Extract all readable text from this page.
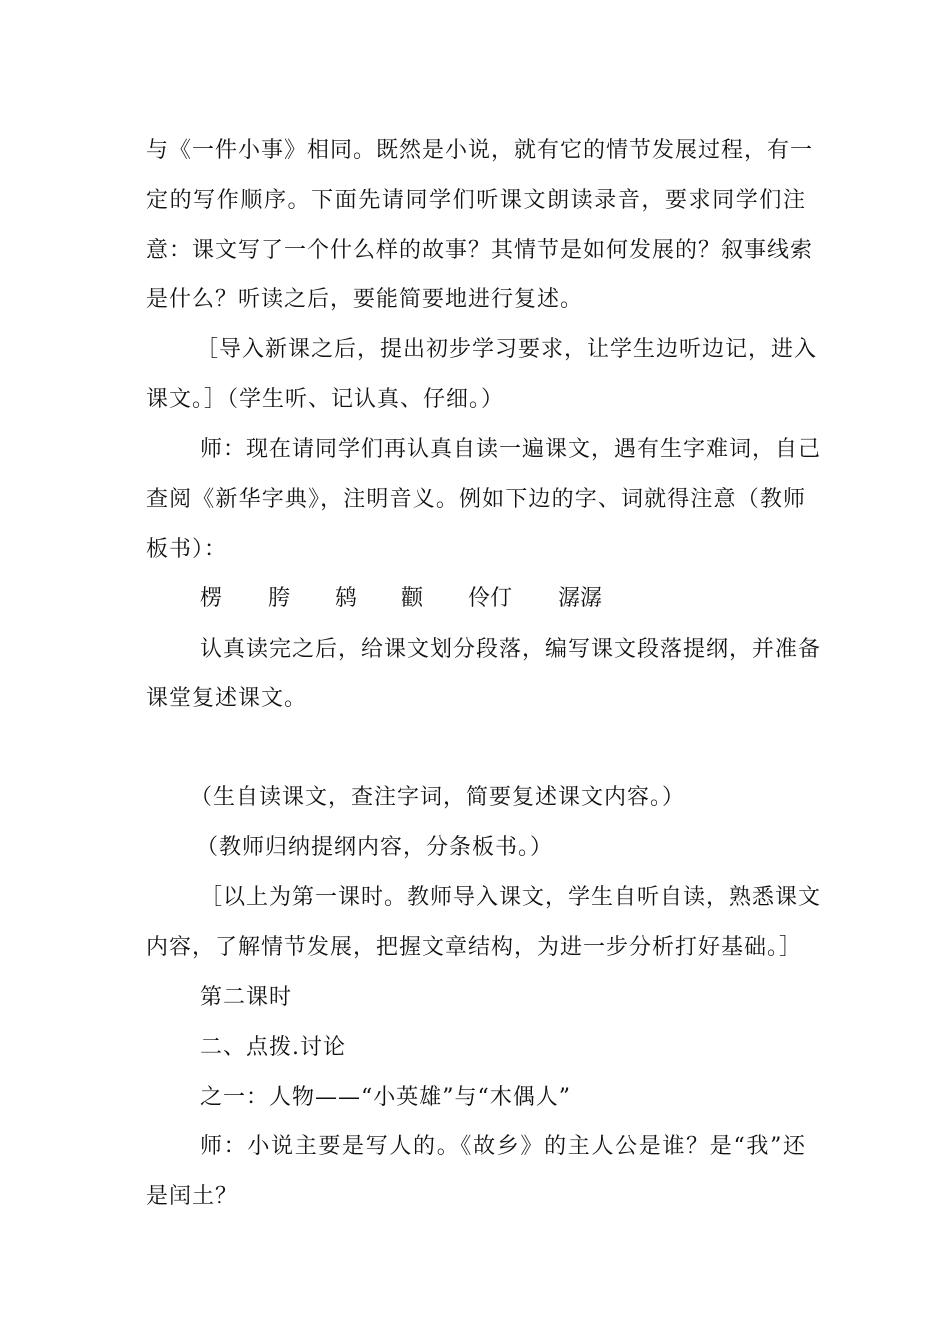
与《一件小事》相同。既然是小说，就有它的情节发展过程，有一
定的写作顺序。下面先请同学们听课文朗读录音，要求同学们注
意：课文写了一个什么样的故事？其情节是如何发展的？叙事线索
是什么？听读之后，要能简要地进行复述。
［导入新课之后，提出初步学习要求，让学生边听边记，进入
课文。］（学生听、记认真、仔细。）
师：现在请同学们再认真自读一遍课文，遇有生字难词，自己
查阅《新华字典》，注明音义。例如下边的字、词就得注意（教师
板书）：
楞 胯 鸫 颧 伶仃 潺潺
认真读完之后，给课文划分段落，编写课文段落提纲，并准备
课堂复述课文。
（生自读课文，查注字词，简要复述课文内容。）
（教师归纳提纲内容，分条板书。）
［以上为第一课时。教师导入课文，学生自听自读，熟悉课文
内容，了解情节发展，把握文章结构，为进一步分析打好基础。］
第二课时
二、点拨.讨论
之一：人物——“小英雄”与“木偶人”
师：小说主要是写人的。《故乡》的主人公是谁？是“我”还
是闰土？
